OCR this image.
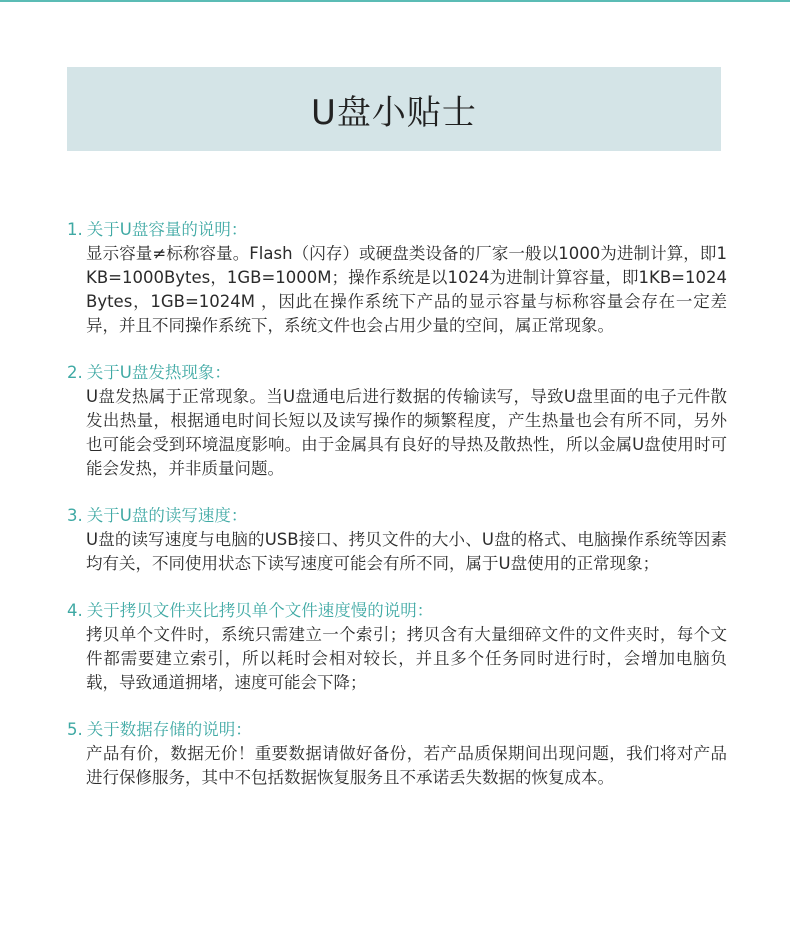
U盘小贴士
1. 关于U盘容量的说明：
显示容量≠标称容量。Flash（闪存）或硬盘类设备的厂家一般以1000为进制计算，即1KB=1000Bytes，1GB=1000M；操作系统是以1024为进制计算容量，即1KB=1024 Bytes，1GB=1024M ，因此在操作系统下产品的显示容量与标称容量会存在一定差异，并且不同操作系统下，系统文件也会占用少量的空间，属正常现象。
2. 关于U盘发热现象：
U盘发热属于正常现象。当U盘通电后进行数据的传输读写，导致U盘里面的电子元件散发出热量，根据通电时间长短以及读写操作的频繁程度，产生热量也会有所不同，另外也可能会受到环境温度影响。由于金属具有良好的导热及散热性，所以金属U盘使用时可能会发热，并非质量问题。
3. 关于U盘的读写速度：
U盘的读写速度与电脑的USB接口、拷贝文件的大小、U盘的格式、电脑操作系统等因素均有关，不同使用状态下读写速度可能会有所不同，属于U盘使用的正常现象；
4. 关于拷贝文件夹比拷贝单个文件速度慢的说明：
拷贝单个文件时，系统只需建立一个索引；拷贝含有大量细碎文件的文件夹时，每个文件都需要建立索引，所以耗时会相对较长，并且多个任务同时进行时，会增加电脑负载，导致通道拥堵，速度可能会下降；
5. 关于数据存储的说明：
产品有价，数据无价！重要数据请做好备份，若产品质保期间出现问题，我们将对产品进行保修服务，其中不包括数据恢复服务且不承诺丢失数据的恢复成本。
